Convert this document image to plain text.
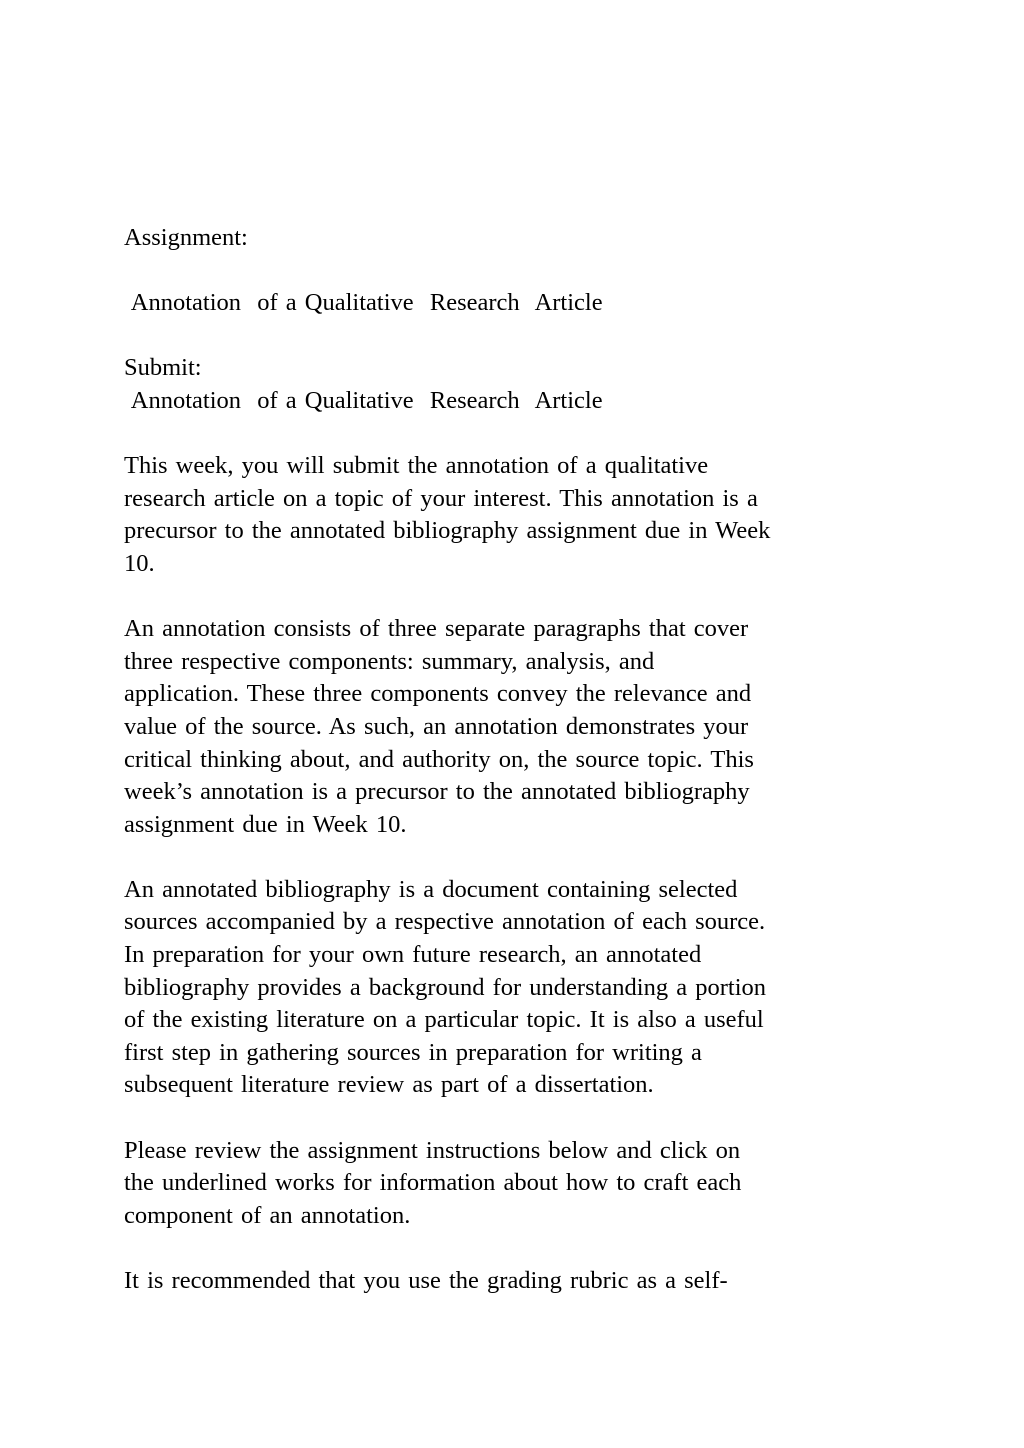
Assignment:
Annotation  of a Qualitative  Research  Article
Submit:
Annotation  of a Qualitative  Research  Article
This week, you will submit the annotation of a qualitative
research article on a topic of your interest. This annotation is a
precursor to the annotated bibliography assignment due in Week
10.
An annotation consists of three separate paragraphs that cover
three respective components: summary, analysis, and
application. These three components convey the relevance and
value of the source. As such, an annotation demonstrates your
critical thinking about, and authority on, the source topic. This
week’s annotation is a precursor to the annotated bibliography
assignment due in Week 10.
An annotated bibliography is a document containing selected
sources accompanied by a respective annotation of each source.
In preparation for your own future research, an annotated
bibliography provides a background for understanding a portion
of the existing literature on a particular topic. It is also a useful
first step in gathering sources in preparation for writing a
subsequent literature review as part of a dissertation.
Please review the assignment instructions below and click on
the underlined works for information about how to craft each
component of an annotation.
It is recommended that you use the grading rubric as a self-
